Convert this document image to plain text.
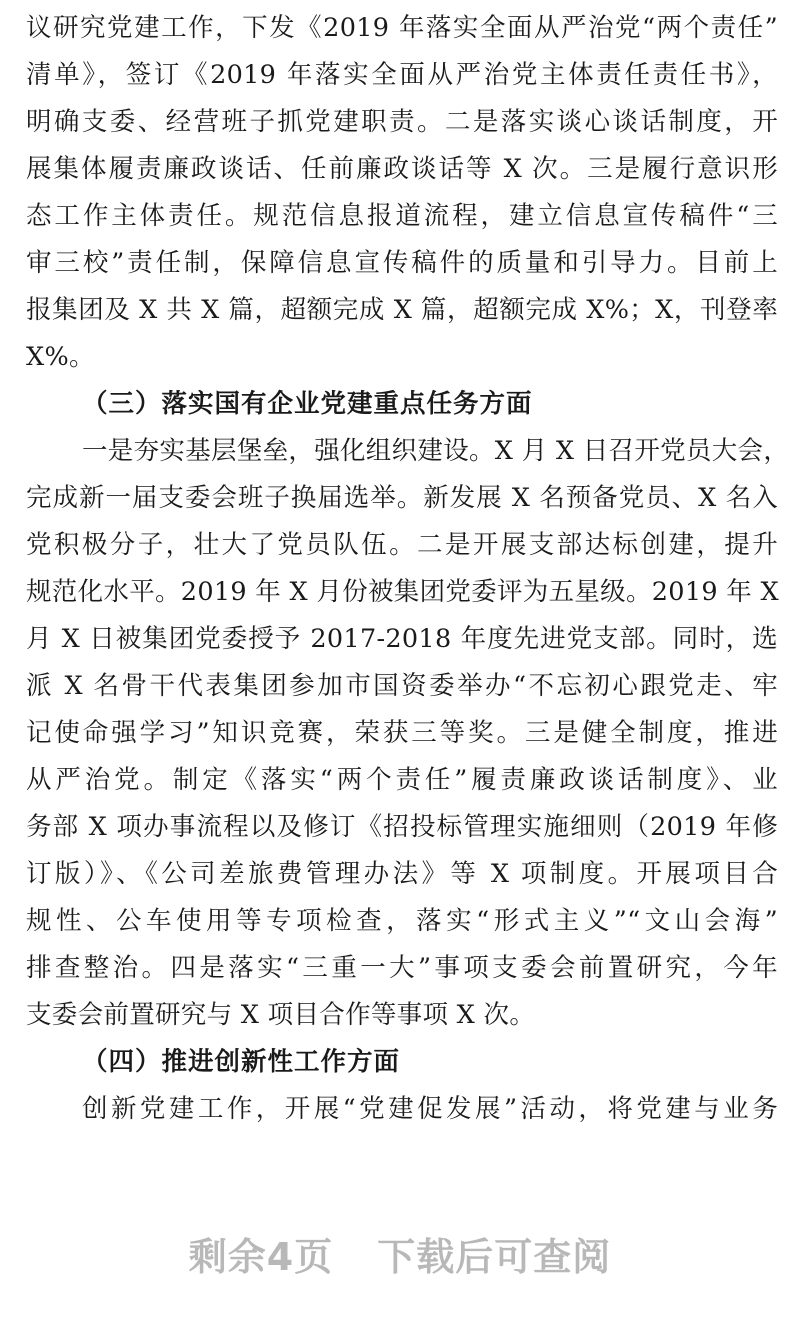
议研究党建工作，下发《2019 年落实全面从严治党“两个责任”
清单》，签订《2019 年落实全面从严治党主体责任责任书》，
明确支委、经营班子抓党建职责。二是落实谈心谈话制度，开
展集体履责廉政谈话、任前廉政谈话等 X 次。三是履行意识形
态工作主体责任。规范信息报道流程，建立信息宣传稿件“三
审三校”责任制，保障信息宣传稿件的质量和引导力。目前上
报集团及 X 共 X 篇，超额完成 X 篇，超额完成 X%；X，刊登率
X%。
（三）落实国有企业党建重点任务方面
一是夯实基层堡垒，强化组织建设。X 月 X 日召开党员大会，
完成新一届支委会班子换届选举。新发展 X 名预备党员、X 名入
党积极分子，壮大了党员队伍。二是开展支部达标创建，提升
规范化水平。2019 年 X 月份被集团党委评为五星级。2019 年 X
月 X 日被集团党委授予 2017-2018 年度先进党支部。同时，选
派 X 名骨干代表集团参加市国资委举办“不忘初心跟党走、牢
记使命强学习”知识竞赛，荣获三等奖。三是健全制度，推进
从严治党。制定《落实“两个责任”履责廉政谈话制度》、业
务部 X 项办事流程以及修订《招投标管理实施细则（2019 年修
订版）》、《公司差旅费管理办法》等 X 项制度。开展项目合
规性、公车使用等专项检查，落实“形式主义”“文山会海”
排查整治。四是落实“三重一大”事项支委会前置研究，今年
支委会前置研究与 X 项目合作等事项 X 次。
（四）推进创新性工作方面
创新党建工作，开展“党建促发展”活动，将党建与业务
剩余4页 下载后可查阅
